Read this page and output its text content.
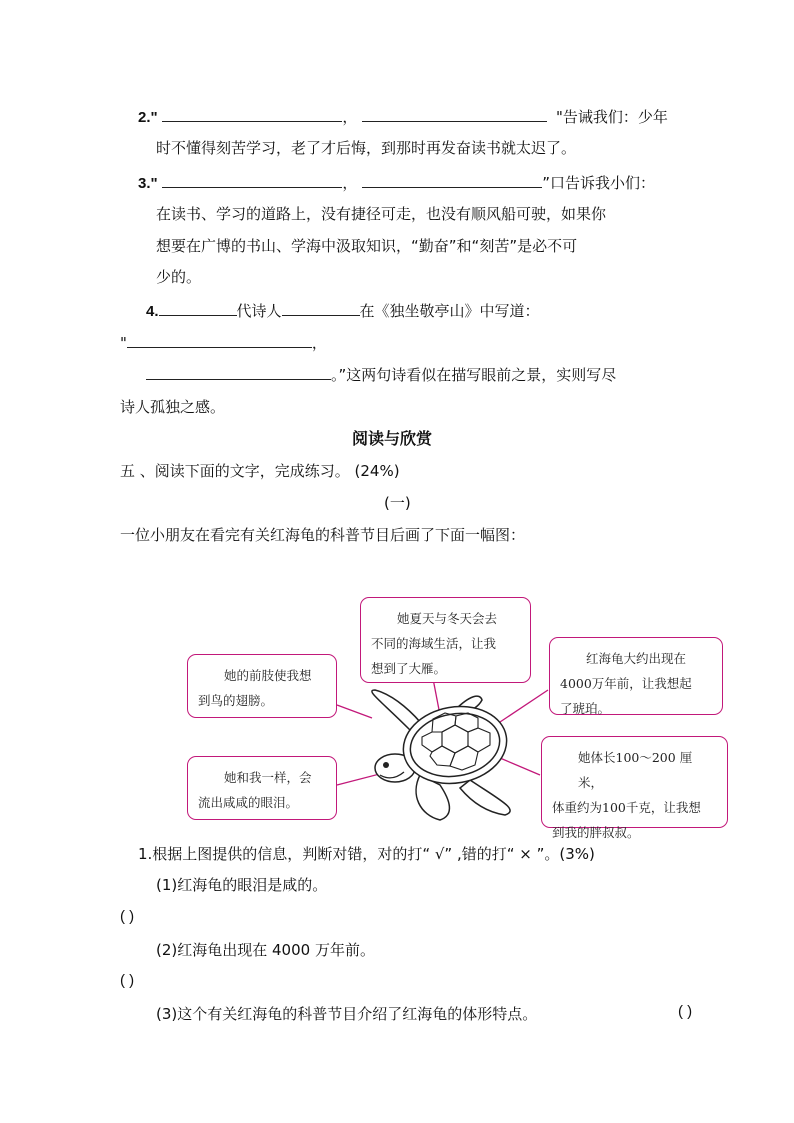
2."	，	"告诫我们：少年
时不懂得刻苦学习，老了才后悔，到那时再发奋读书就太迟了。
3."	，	”口告诉我小们：
在读书、学习的道路上，没有捷径可走，也没有顺风船可驶，如果你
想要在广博的书山、学海中汲取知识，“勤奋”和“刻苦”是必不可
少的。
4.	代诗人	在《独坐敬亭山》中写道：
"	，
。”这两句诗看似在描写眼前之景，实则写尽
诗人孤独之感。
阅读与欣赏
五 、阅读下面的文字，完成练习。 (24%)
(一)
一位小朋友在看完有关红海龟的科普节目后画了下面一幅图：
她夏天与冬天会去
不同的海域生活，让我
想到了大雁。
她的前肢使我想
到鸟的翅膀。
红海龟大约出现在
4000万年前，让我想起
了琥珀。
她和我一样，会
流出咸咸的眼泪。
她体长100～200 厘米，
体重约为100千克，让我想
到我的胖叔叔。
1.根据上图提供的信息，判断对错，对的打“ √” ,错的打“ × ”。(3%)
(1)红海龟的眼泪是咸的。
( )
(2)红海龟出现在 4000 万年前。
( )
(3)这个有关红海龟的科普节目介绍了红海龟的体形特点。	( )
